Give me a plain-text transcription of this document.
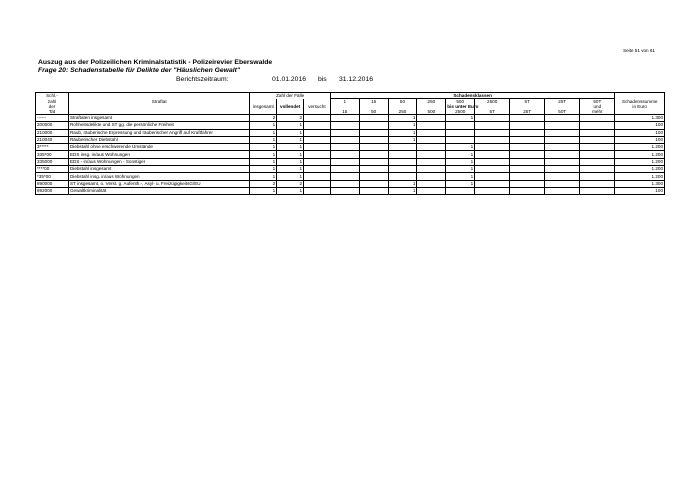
Seite 51 von 61
Auszug aus der Polizeilichen Kriminalstatistik - Polizeirevier Eberswalde
Frage 20: Schadenstabelle für Delikte der "Häuslichen Gewalt"
Berichtszeitraum:	01.01.2016 bis 31.12.2016
Schl.-		Zahl der Fälle			Schadensklassen									
zahl	Straftat				1	15	50	250	500	2500	5T	25T	50T	Schadenssumme
der		insgesamt	vollendet	versucht					bis unter Euro				und	in Euro
Tat					15	50	250	500	2500	5T	25T	50T	mehr	
------	Straftaten insgesamt	2	2				1		1					1.300
200000	Rohheitsdelikte und ST gg. die persönliche Freiheit	1	1				1							100
210000	Raub, räuberische Erpressung und räuberischer Angriff auf Kraftfahrer	1	1				1							100
210040	Räuberischer Diebstahl	1	1				1							100
3*****	Diebstahl ohne erschwerende Umstände	1	1						1					1.200
335*00	EDS insg. in/aus Wohnungen	1	1						1					1.200
335000	EDS - in/aus Wohnungen - Sonstiger	1	1						1					1.200
****00	Diebstahl insgesamt	1	1						1					1.200
*35*00	Diebstahl insg. in/aus Wohnungen	1	1						1					1.200
890000	ST insgesamt, o. Verst. g. Aufenth.-, Asyl- u. FreizügigkeitsG/EU	2	2				1		1					1.300
892000	Gewaltkriminalität	1	1				1							100
